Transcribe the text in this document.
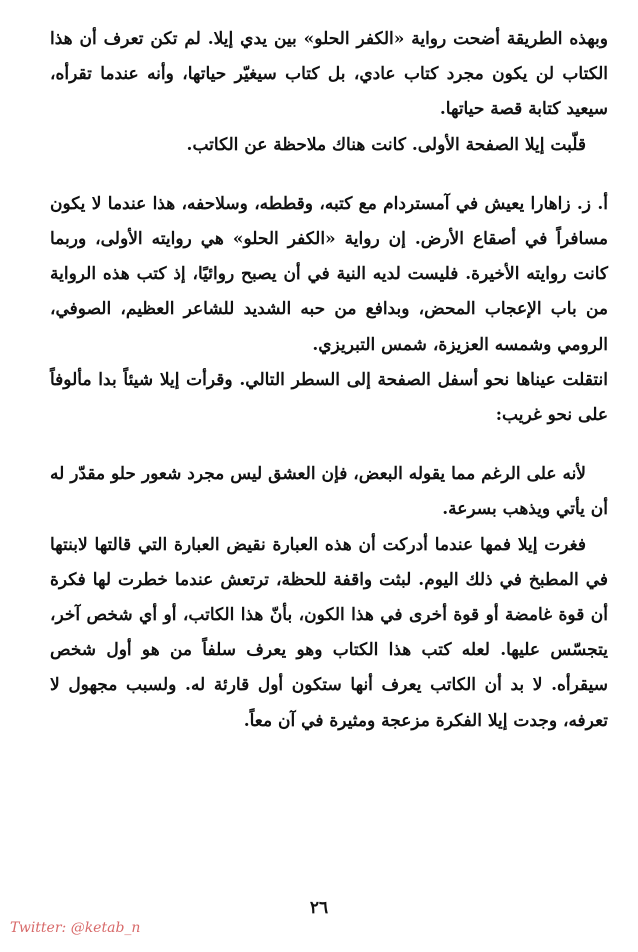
وبهذه الطريقة أضحت رواية «الكفر الحلو» بين يدي إيلا. لم تكن تعرف أن هذا الكتاب لن يكون مجرد كتاب عادي، بل كتاب سيغيّر حياتها، وأنه عندما تقرأه، سيعيد كتابة قصة حياتها.

قلّبت إيلا الصفحة الأولى. كانت هناك ملاحظة عن الكاتب.

أ. ز. زاهارا يعيش في آمستردام مع كتبه، وقططه، وسلاحفه، هذا عندما لا يكون مسافراً في أصقاع الأرض. إن رواية «الكفر الحلو» هي روايته الأولى، وربما كانت روايته الأخيرة. فليست لديه النية في أن يصبح روائيًا، إذ كتب هذه الرواية من باب الإعجاب المحض، وبدافع من حبه الشديد للشاعر العظيم، الصوفي، الرومي وشمسه العزيزة، شمس التبريزي.

انتقلت عيناها نحو أسفل الصفحة إلى السطر التالي. وقرأت إيلا شيئاً بدا مألوفاً على نحو غريب:

لأنه على الرغم مما يقوله البعض، فإن العشق ليس مجرد شعور حلو مقدّر له أن يأتي ويذهب بسرعة.

فغرت إيلا فمها عندما أدركت أن هذه العبارة نقيض العبارة التي قالتها لابنتها في المطبخ في ذلك اليوم. لبثت واقفة للحظة، ترتعش عندما خطرت لها فكرة أن قوة غامضة أو قوة أخرى في هذا الكون، بأنّ هذا الكاتب، أو أي شخص آخر، يتجسّس عليها. لعله كتب هذا الكتاب وهو يعرف سلفاً من هو أول شخص سيقرأه. لا بد أن الكاتب يعرف أنها ستكون أول قارئة له. ولسبب مجهول لا تعرفه، وجدت إيلا الفكرة مزعجة ومثيرة في آن معاً.

٢٦
Twitter: @ketab_n
